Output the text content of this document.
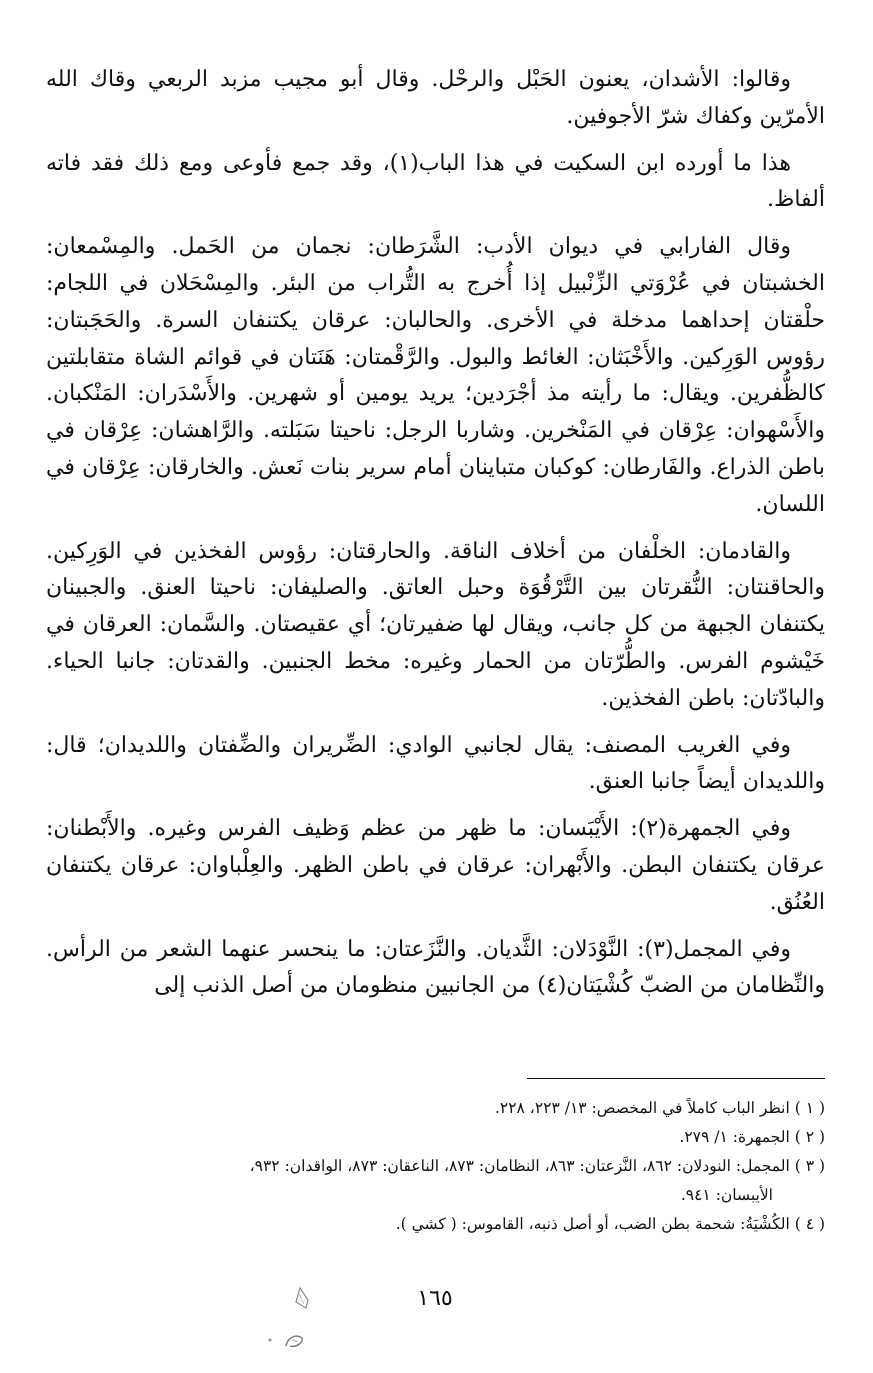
وقالوا: الأشدان، يعنون الحَبْل والرحْل. وقال أبو مجيب مزبد الربعي وقاك الله الأمرّين وكفاك شرّ الأجوفين.

هذا ما أورده ابن السكيت في هذا الباب(١)، وقد جمع فأوعى ومع ذلك فقد فاته ألفاظ.

وقال الفارابي في ديوان الأدب: الشَّرَطان: نجمان من الحَمل. والمِسْمعان: الخشبتان في عُرْوَتي الزِّنْبيل إذا أُخرج به التُّراب من البئر. والمِسْحَلان في اللجام: حلْقتان إحداهما مدخلة في الأخرى. والحالبان: عرقان يكتنفان السرة. والحَجَبتان: رؤوس الوَرِكين. والأَخْبَثان: الغائط والبول. والرَّقْمتان: هَنَتان في قوائم الشاة متقابلتين كالظُّفرين. ويقال: ما رأيته مذ أجْرَدين؛ يريد يومين أو شهرين. والأَسْدَران: المَنْكبان. والأَسْهوان: عِرْقان في المَنْخرين. وشاربا الرجل: ناحيتا سَبَلته. والرَّاهشان: عِرْقان في باطن الذراع. والفَارطان: كوكبان متباينان أمام سرير بنات نَعش. والخارقان: عِرْقان في اللسان.

والقادمان: الخلْفان من أخلاف الناقة. والحارقتان: رؤوس الفخذين في الوَرِكين. والحاقنتان: النُّقرتان بين التَّرْقُوَة وحبل العاتق. والصليفان: ناحيتا العنق. والجبينان يكتنفان الجبهة من كل جانب، ويقال لها ضفيرتان؛ أي عقيصتان. والسَّمان: العرقان في خَيْشوم الفرس. والطُّرّتان من الحمار وغيره: مخط الجنبين. والقدتان: جانبا الحياء. والبادّتان: باطن الفخذين.

وفي الغريب المصنف: يقال لجانبي الوادي: الضِّريران والضِّفتان واللديدان؛ قال: واللديدان أيضاً جانبا العنق.

وفي الجمهرة(٢): الأَيْبَسان: ما ظهر من عظم وَظيف الفرس وغيره. والأَبْطنان: عرقان يكتنفان البطن. والأَبْهران: عرقان في باطن الظهر. والعِلْباوان: عرقان يكتنفان العُنُق.

وفي المجمل(٣): النَّوْدَلان: الثَّديان. والنَّزَعتان: ما ينحسر عنهما الشعر من الرأس. والنِّظامان من الضبّ كُشْيَتان(٤) من الجانبين منظومان من أصل الذنب إلى

( ١ ) انظر الباب كاملاً في المخصص: ١٣/ ٢٢٣، ٢٢٨.

( ٢ ) الجمهرة: ١/ ٢٧٩.

( ٣ ) المجمل: النودلان: ٨٦٢، النَّزعتان: ٨٦٣، النظامان: ٨٧٣، الناعقان: ٨٧٣، الواقدان: ٩٣٢،

الأيبسان: ٩٤١.

( ٤ ) الكُشْيَةُ: شحمة بطن الضب، أو أصل ذنبه، القاموس: ( كشي ).

١٦٥
